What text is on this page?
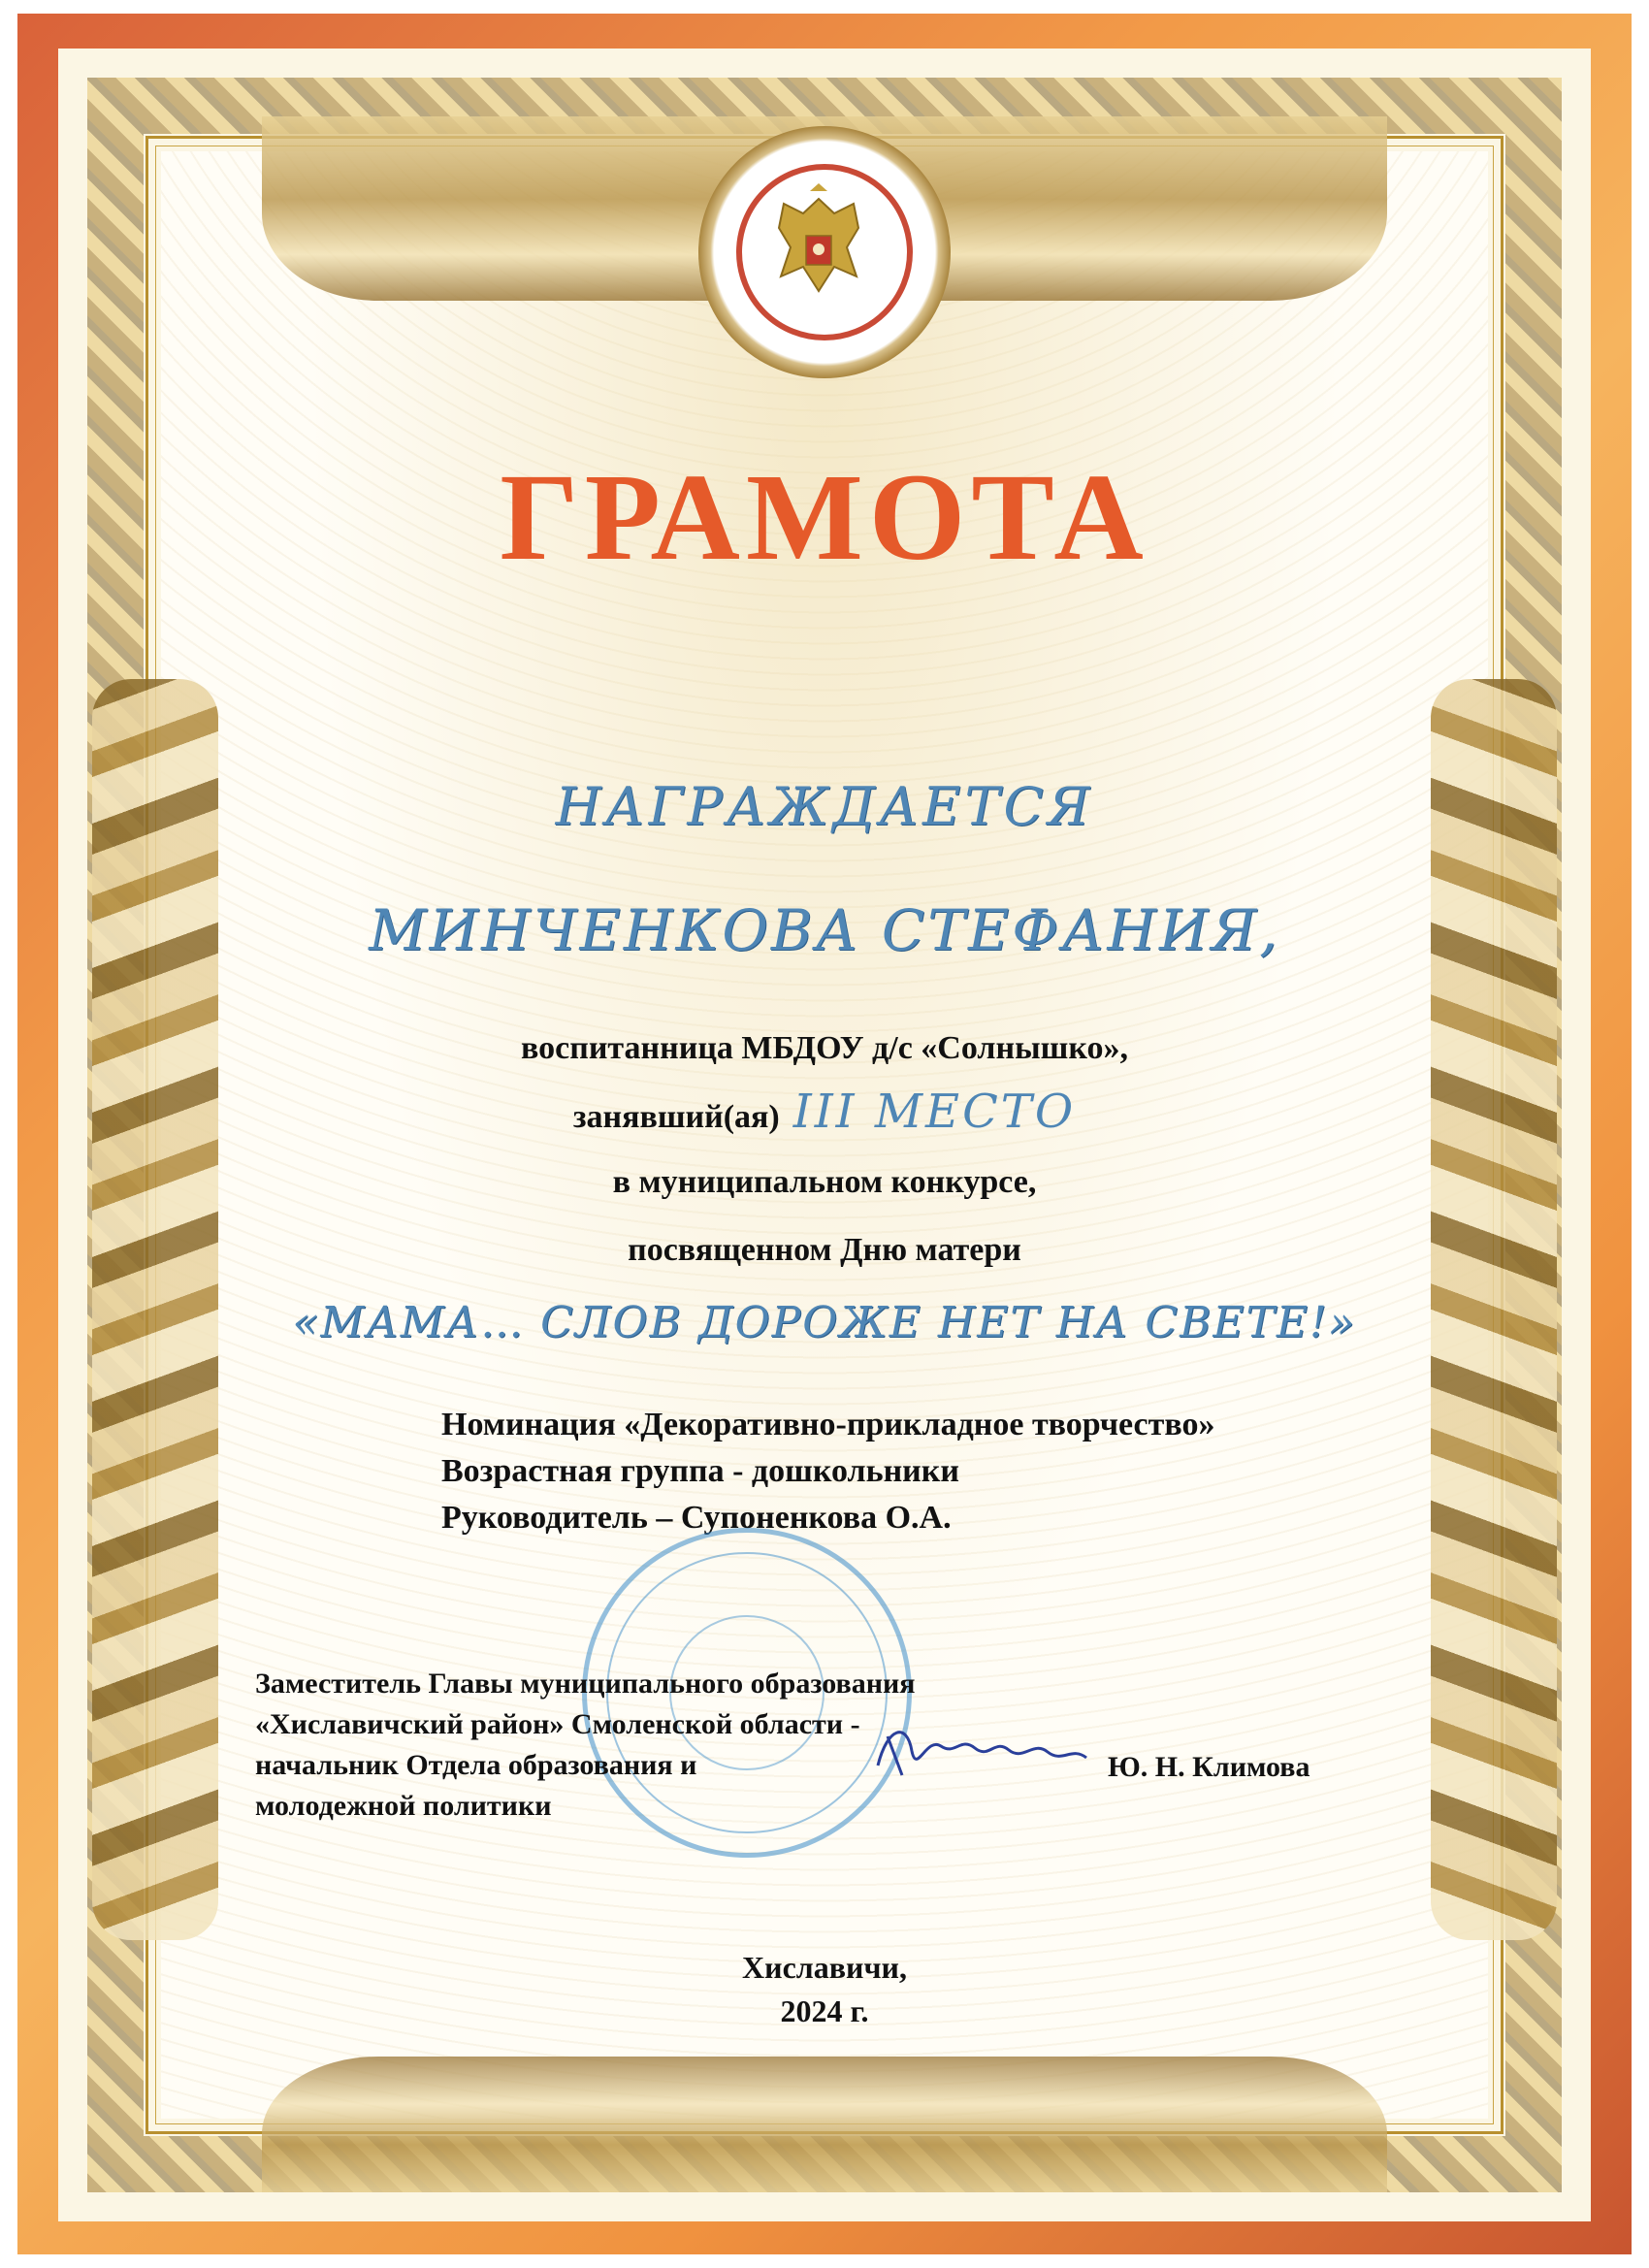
ГРАМОТА
НАГРАЖДАЕТСЯ
МИНЧЕНКОВА СТЕФАНИЯ,
воспитанница МБДОУ д/с «Солнышко»,
занявший(ая) III МЕСТО
в муниципальном конкурсе,
посвященном Дню матери
«МАМА… СЛОВ ДОРОЖЕ НЕТ НА СВЕТЕ!»
Номинация «Декоративно-прикладное творчество»
Возрастная группа - дошкольники
Руководитель – Супоненкова О.А.
Заместитель Главы муниципального образования
«Хиславичский район» Смоленской области -
начальник Отдела образования и
молодежной политики
Ю. Н. Климова
Хиславичи,
2024 г.
